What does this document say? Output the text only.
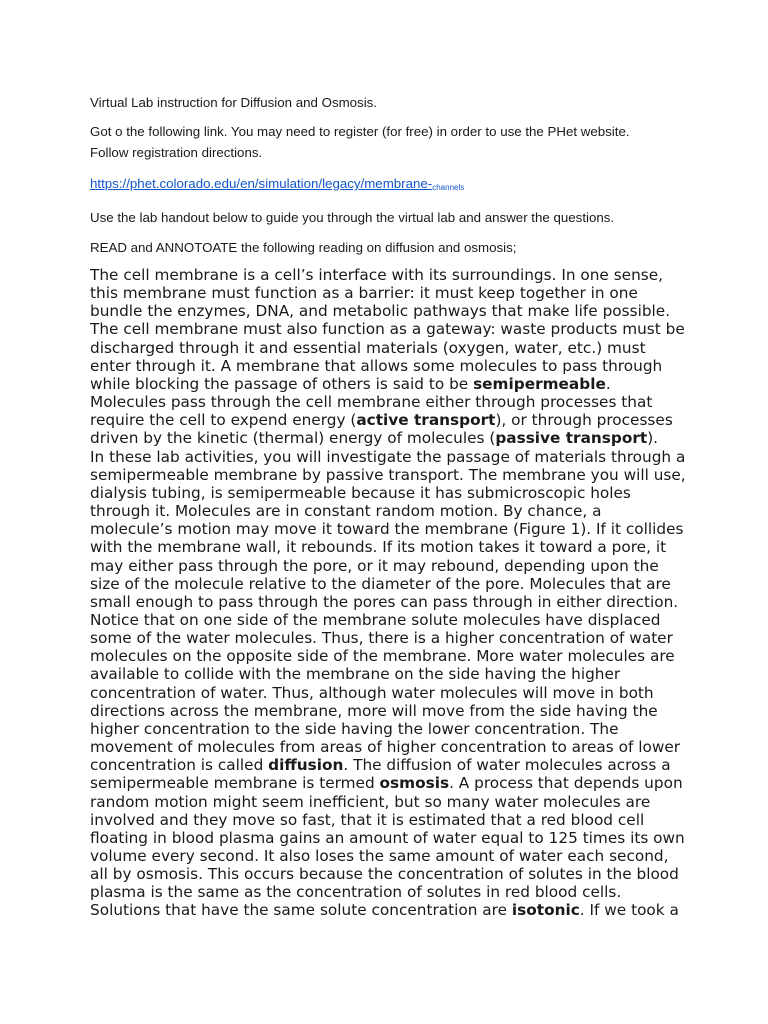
Virtual Lab instruction for Diffusion and Osmosis.

Got o the following link. You may need to register (for free) in order to use the PHet website.
Follow registration directions.

https://phet.colorado.edu/en/simulation/legacy/membrane-channels

Use the lab handout below to guide you through the virtual lab and answer the questions.

READ and ANNOTOATE the following reading on diffusion and osmosis;

The cell membrane is a cell’s interface with its surroundings. In one sense,
this membrane must function as a barrier: it must keep together in one
bundle the enzymes, DNA, and metabolic pathways that make life possible.
The cell membrane must also function as a gateway: waste products must be
discharged through it and essential materials (oxygen, water, etc.) must
enter through it. A membrane that allows some molecules to pass through
while blocking the passage of others is said to be semipermeable.
Molecules pass through the cell membrane either through processes that
require the cell to expend energy (active transport), or through processes
driven by the kinetic (thermal) energy of molecules (passive transport).
In these lab activities, you will investigate the passage of materials through a
semipermeable membrane by passive transport. The membrane you will use,
dialysis tubing, is semipermeable because it has submicroscopic holes
through it. Molecules are in constant random motion. By chance, a
molecule’s motion may move it toward the membrane (Figure 1). If it collides
with the membrane wall, it rebounds. If its motion takes it toward a pore, it
may either pass through the pore, or it may rebound, depending upon the
size of the molecule relative to the diameter of the pore. Molecules that are
small enough to pass through the pores can pass through in either direction.
Notice that on one side of the membrane solute molecules have displaced
some of the water molecules. Thus, there is a higher concentration of water
molecules on the opposite side of the membrane. More water molecules are
available to collide with the membrane on the side having the higher
concentration of water. Thus, although water molecules will move in both
directions across the membrane, more will move from the side having the
higher concentration to the side having the lower concentration. The
movement of molecules from areas of higher concentration to areas of lower
concentration is called diffusion. The diffusion of water molecules across a
semipermeable membrane is termed osmosis. A process that depends upon
random motion might seem inefficient, but so many water molecules are
involved and they move so fast, that it is estimated that a red blood cell
floating in blood plasma gains an amount of water equal to 125 times its own
volume every second. It also loses the same amount of water each second,
all by osmosis. This occurs because the concentration of solutes in the blood
plasma is the same as the concentration of solutes in red blood cells.
Solutions that have the same solute concentration are isotonic. If we took a
